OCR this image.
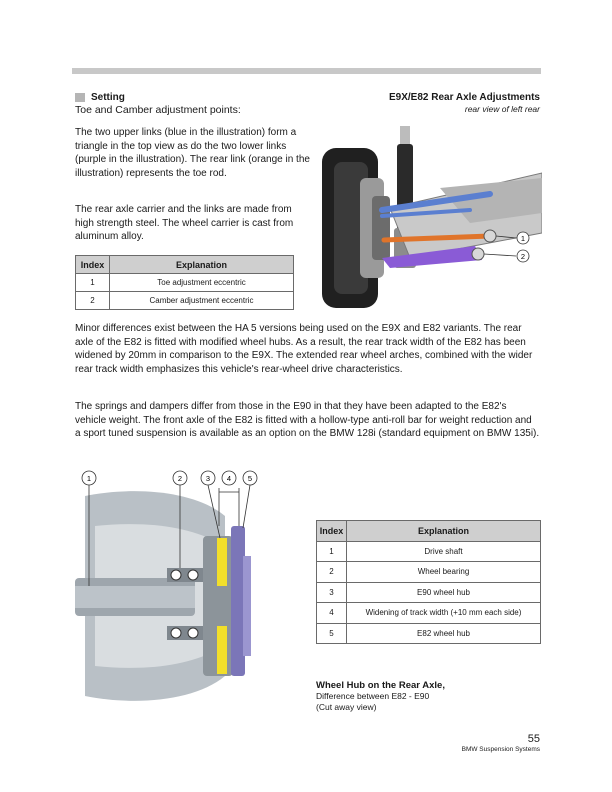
Setting
Toe and Camber adjustment points:

The two upper links (blue in the illustration) form a triangle in the top view as do the two lower links (purple in the illustration). The rear link (orange in the illustration) represents the toe rod.

The rear axle carrier and the links are made from high strength steel. The wheel carrier is cast from aluminum alloy.

E9X/E82 Rear Axle Adjustments
rear view of left rear
1
2
Index	Explanation
1	Toe adjustment eccentric
2	Camber adjustment eccentric

Minor differences exist between the HA 5 versions being used on the E9X and E82 variants. The rear axle of the E82 is fitted with modified wheel hubs. As a result, the rear track width of the E82 has been widened by 20mm in comparison to the E9X. The extended rear wheel arches, combined with the wider rear track width emphasizes this vehicle's rear-wheel drive characteristics.

The springs and dampers differ from those in the E90 in that they have been adapted to the E82's vehicle weight. The front axle of the E82 is fitted with a hollow-type anti-roll bar for weight reduction and a sport tuned suspension is available as an option on the BMW 128i (standard equipment on BMW 135i).

1	2	3 4 5
Index	Explanation
1	Drive shaft
2	Wheel bearing
3	E90 wheel hub
4	Widening of track width (+10 mm each side)
5	E82 wheel hub
Wheel Hub on the Rear Axle,
Difference between E82 - E90
(Cut away view)
55
BMW Suspension Systems
